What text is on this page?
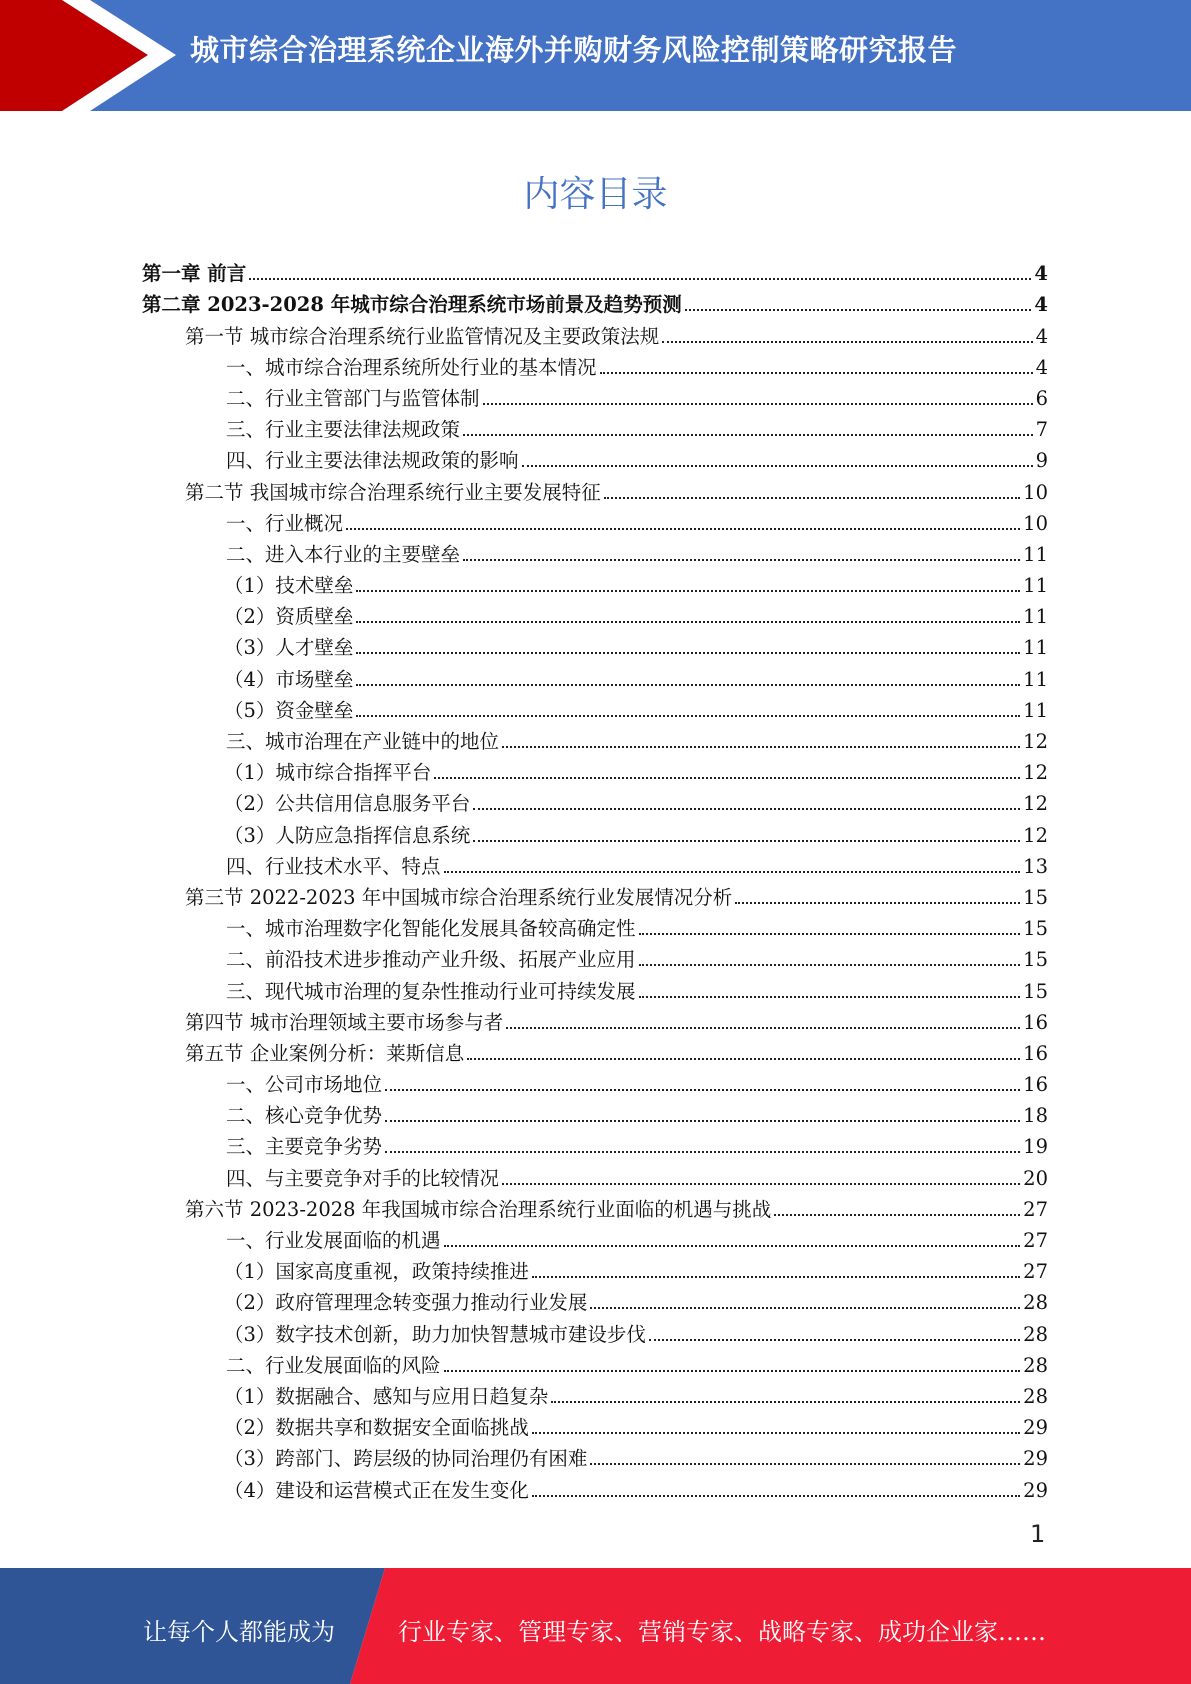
城市综合治理系统企业海外并购财务风险控制策略研究报告
内容目录
第一章 前言	4
第二章 2023-2028 年城市综合治理系统市场前景及趋势预测	4
第一节 城市综合治理系统行业监管情况及主要政策法规	4
一、城市综合治理系统所处行业的基本情况	4
二、行业主管部门与监管体制	6
三、行业主要法律法规政策	7
四、行业主要法律法规政策的影响	9
第二节 我国城市综合治理系统行业主要发展特征	10
一、行业概况	10
二、进入本行业的主要壁垒	11
（1）技术壁垒	11
（2）资质壁垒	11
（3）人才壁垒	11
（4）市场壁垒	11
（5）资金壁垒	11
三、城市治理在产业链中的地位	12
（1）城市综合指挥平台	12
（2）公共信用信息服务平台	12
（3）人防应急指挥信息系统	12
四、行业技术水平、特点	13
第三节 2022-2023 年中国城市综合治理系统行业发展情况分析	15
一、城市治理数字化智能化发展具备较高确定性	15
二、前沿技术进步推动产业升级、拓展产业应用	15
三、现代城市治理的复杂性推动行业可持续发展	15
第四节 城市治理领域主要市场参与者	16
第五节 企业案例分析：莱斯信息	16
一、公司市场地位	16
二、核心竞争优势	18
三、主要竞争劣势	19
四、与主要竞争对手的比较情况	20
第六节 2023-2028 年我国城市综合治理系统行业面临的机遇与挑战	27
一、行业发展面临的机遇	27
（1）国家高度重视，政策持续推进	27
（2）政府管理理念转变强力推动行业发展	28
（3）数字技术创新，助力加快智慧城市建设步伐	28
二、行业发展面临的风险	28
（1）数据融合、感知与应用日趋复杂	28
（2）数据共享和数据安全面临挑战	29
（3）跨部门、跨层级的协同治理仍有困难	29
（4）建设和运营模式正在发生变化	29
1
让每个人都能成为	行业专家、管理专家、营销专家、战略专家、成功企业家……
